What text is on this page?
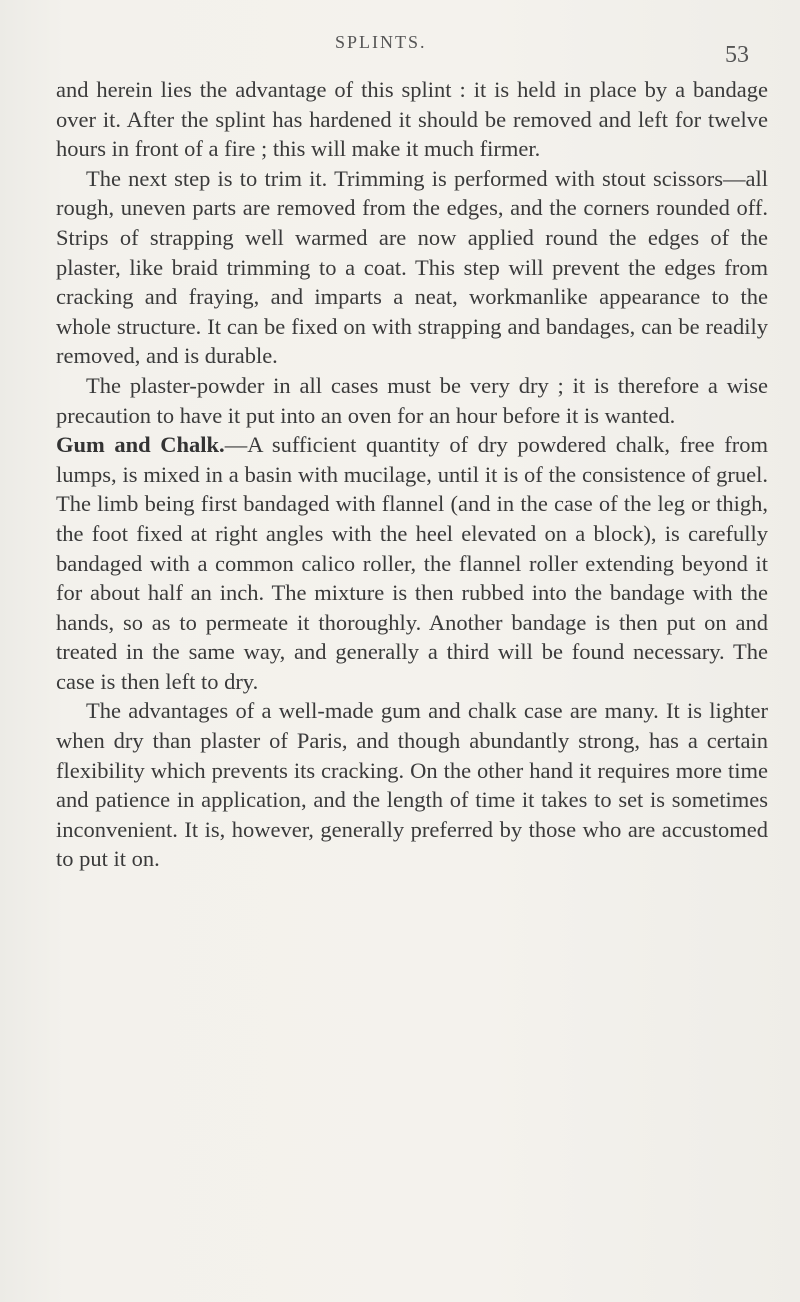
SPLINTS.	53

and herein lies the advantage of this splint : it is held in place by a bandage over it. After the splint has hardened it should be removed and left for twelve hours in front of a fire ; this will make it much firmer.

The next step is to trim it. Trimming is performed with stout scissors—all rough, uneven parts are removed from the edges, and the corners rounded off. Strips of strapping well warmed are now applied round the edges of the plaster, like braid trimming to a coat. This step will prevent the edges from cracking and fraying, and imparts a neat, workmanlike appearance to the whole structure. It can be fixed on with strapping and bandages, can be readily removed, and is durable.

The plaster-powder in all cases must be very dry ; it is therefore a wise precaution to have it put into an oven for an hour before it is wanted.

Gum and Chalk.—A sufficient quantity of dry powdered chalk, free from lumps, is mixed in a basin with mucilage, until it is of the consistence of gruel. The limb being first bandaged with flannel (and in the case of the leg or thigh, the foot fixed at right angles with the heel elevated on a block), is carefully bandaged with a common calico roller, the flannel roller extending beyond it for about half an inch. The mixture is then rubbed into the bandage with the hands, so as to permeate it thoroughly. Another bandage is then put on and treated in the same way, and generally a third will be found necessary. The case is then left to dry.

The advantages of a well-made gum and chalk case are many. It is lighter when dry than plaster of Paris, and though abundantly strong, has a certain flexibility which prevents its cracking. On the other hand it requires more time and patience in application, and the length of time it takes to set is sometimes inconvenient. It is, however, generally preferred by those who are accustomed to put it on.
